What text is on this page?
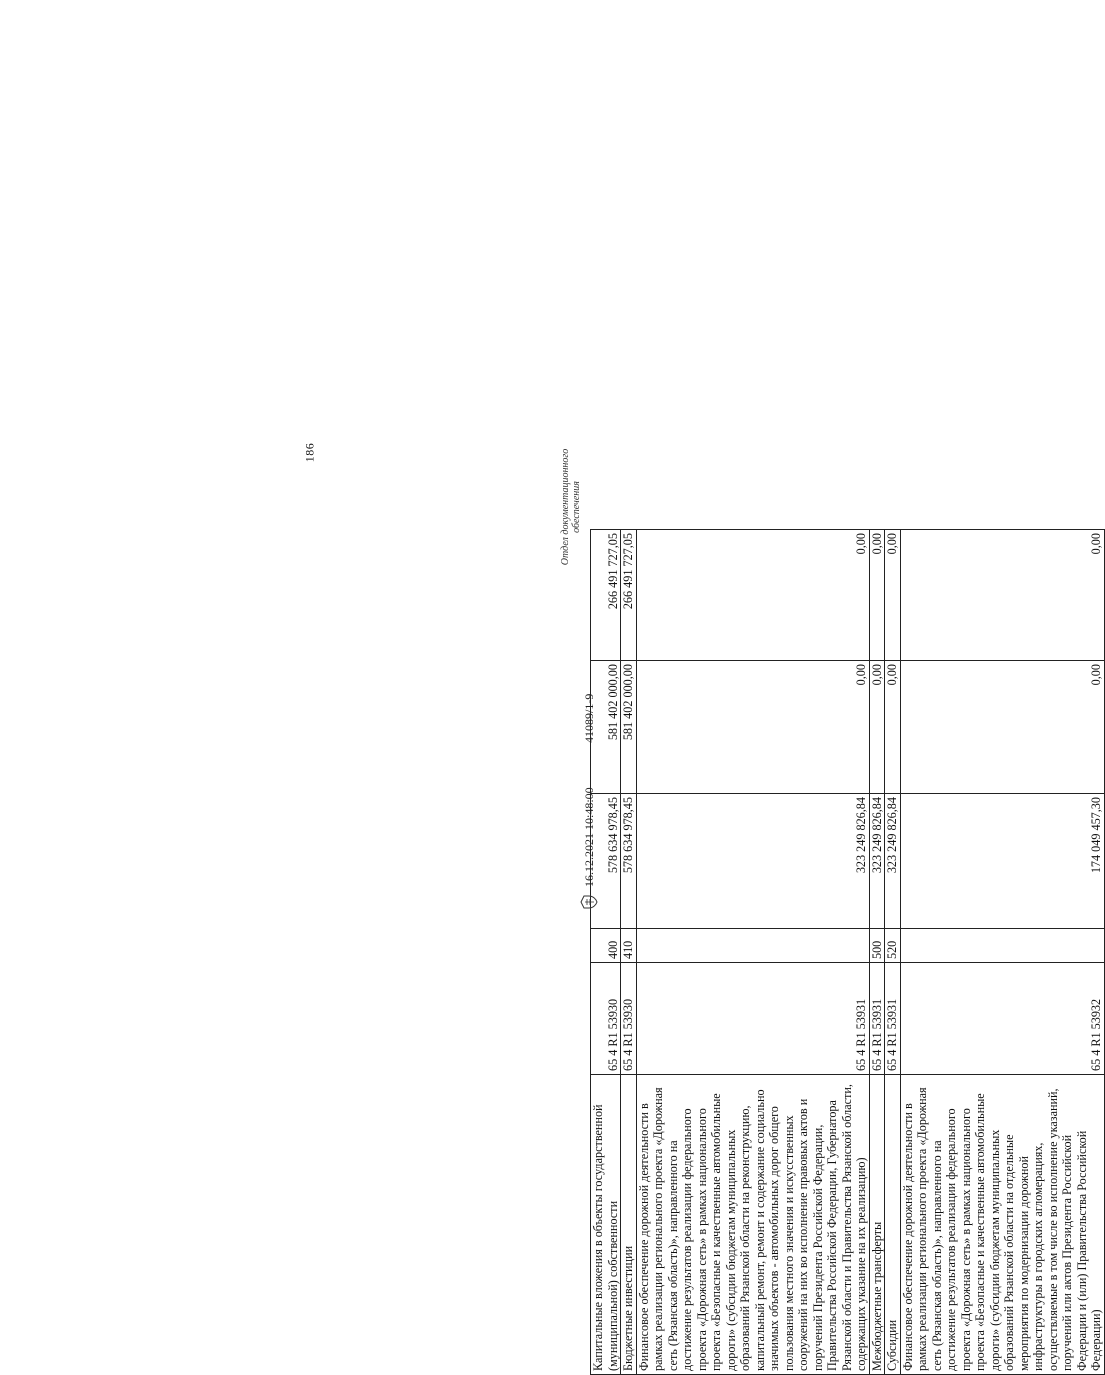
186
Капитальные вложения в объекты государственной (муниципальной) собственности	65 4 R1 53930	400	578 634 978,45	581 402 000,00	266 491 727,05
Бюджетные инвестиции	65 4 R1 53930	410	578 634 978,45	581 402 000,00	266 491 727,05
Финансовое обеспечение дорожной деятельности в рамках реализации регионального проекта «Дорожная сеть (Рязанская область)», направленного на достижение результатов реализации федерального проекта «Дорожная сеть» в рамках национального проекта «Безопасные и качественные автомобильные дороги» (субсидии бюджетам муниципальных образований Рязанской области на реконструкцию, капитальный ремонт, ремонт и содержание социально значимых объектов - автомобильных дорог общего пользования местного значения и искусственных сооружений на них во исполнение правовых актов и поручений Президента Российской Федерации, Правительства Российской Федерации, Губернатора Рязанской области и Правительства Рязанской области, содержащих указание на их реализацию)	65 4 R1 53931		323 249 826,84	0,00	0,00
Межбюджетные трансферты	65 4 R1 53931	500	323 249 826,84	0,00	0,00
Субсидии	65 4 R1 53931	520	323 249 826,84	0,00	0,00
Финансовое обеспечение дорожной деятельности в рамках реализации регионального проекта «Дорожная сеть (Рязанская область)», направленного на достижение результатов реализации федерального проекта «Дорожная сеть» в рамках национального проекта «Безопасные и качественные автомобильные дороги» (субсидии бюджетам муниципальных образований Рязанской области на отдельные мероприятия по модернизации дорожной инфраструктуры в городских агломерациях, осуществляемые в том числе во исполнение указаний, поручений или актов Президента Российской Федерации и (или) Правительства Российской Федерации)	65 4 R1 53932		174 049 457,30	0,00	0,00
16.12.2021 10:48:00
41089/1-9
Отдел документационного обеспечения
